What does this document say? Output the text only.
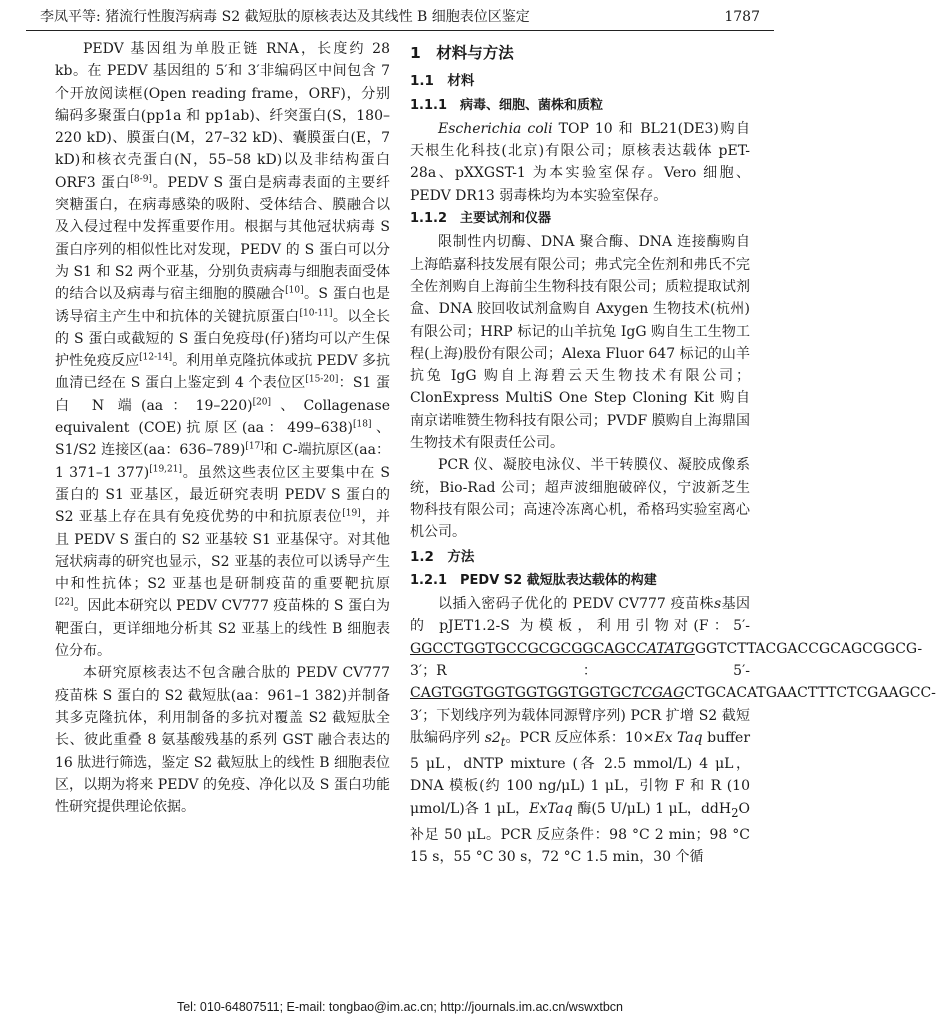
李凤平等: 猪流行性腹泻病毒 S2 截短肽的原核表达及其线性 B 细胞表位区鉴定	1787

PEDV 基因组为单股正链 RNA，长度约 28 kb。在 PEDV 基因组的 5′和 3′非编码区中间包含 7 个开放阅读框(Open reading frame，ORF)，分别编码多聚蛋白(pp1a 和 pp1ab)、纤突蛋白(S，180–220 kD)、膜蛋白(M，27–32 kD)、囊膜蛋白(E，7 kD)和核衣壳蛋白(N，55–58 kD)以及非结构蛋白 ORF3 蛋白[8-9]。PEDV S 蛋白是病毒表面的主要纤突糖蛋白，在病毒感染的吸附、受体结合、膜融合以及入侵过程中发挥重要作用。根据与其他冠状病毒 S 蛋白序列的相似性比对发现，PEDV 的 S 蛋白可以分为 S1 和 S2 两个亚基，分别负责病毒与细胞表面受体的结合以及病毒与宿主细胞的膜融合[10]。S 蛋白也是诱导宿主产生中和抗体的关键抗原蛋白[10-11]。以全长的 S 蛋白或截短的 S 蛋白免疫母(仔)猪均可以产生保护性免疫反应[12-14]。利用单克隆抗体或抗 PEDV 多抗血清已经在 S 蛋白上鉴定到 4 个表位区[15-20]：S1 蛋白 N 端(aa：19–220)[20]、Collagenase equivalent (COE)抗原区(aa：499–638)[18]、S1/S2 连接区(aa：636–789)[17]和 C-端抗原区(aa：1 371–1 377)[19,21]。虽然这些表位区主要集中在 S 蛋白的 S1 亚基区，最近研究表明 PEDV S 蛋白的 S2 亚基上存在具有免疫优势的中和抗原表位[19]，并且 PEDV S 蛋白的 S2 亚基较 S1 亚基保守。对其他冠状病毒的研究也显示，S2 亚基的表位可以诱导产生中和性抗体；S2 亚基也是研制疫苗的重要靶抗原[22]。因此本研究以 PEDV CV777 疫苗株的 S 蛋白为靶蛋白，更详细地分析其 S2 亚基上的线性 B 细胞表位分布。

本研究原核表达不包含融合肽的 PEDV CV777 疫苗株 S 蛋白的 S2 截短肽(aa：961–1 382)并制备其多克隆抗体，利用制备的多抗对覆盖 S2 截短肽全长、彼此重叠 8 氨基酸残基的系列 GST 融合表达的 16 肽进行筛选，鉴定 S2 截短肽上的线性 B 细胞表位区，以期为将来 PEDV 的免疫、净化以及 S 蛋白功能性研究提供理论依据。

1　材料与方法
1.1　材料
1.1.1　病毒、细胞、菌株和质粒

Escherichia coli TOP 10 和 BL21(DE3)购自天根生化科技(北京)有限公司；原核表达载体 pET-28a、pXXGST-1 为本实验室保存。Vero 细胞、PEDV DR13 弱毒株均为本实验室保存。

1.1.2　主要试剂和仪器

限制性内切酶、DNA 聚合酶、DNA 连接酶购自上海皓嘉科技发展有限公司；弗式完全佐剂和弗氏不完全佐剂购自上海前尘生物科技有限公司；质粒提取试剂盒、DNA 胶回收试剂盒购自 Axygen 生物技术(杭州)有限公司；HRP 标记的山羊抗兔 IgG 购自生工生物工程(上海)股份有限公司；Alexa Fluor 647 标记的山羊抗兔 IgG 购自上海碧云天生物技术有限公司；ClonExpress MultiS One Step Cloning Kit 购自南京诺唯赞生物科技有限公司；PVDF 膜购自上海鼎国生物技术有限责任公司。

PCR 仪、凝胶电泳仪、半干转膜仪、凝胶成像系统，Bio-Rad 公司；超声波细胞破碎仪，宁波新芝生物科技有限公司；高速冷冻离心机，希格玛实验室离心机公司。

1.2　方法
1.2.1　PEDV S2 截短肽表达载体的构建

以插入密码子优化的 PEDV CV777 疫苗株s基因的 pJET1.2-S 为模板，利用引物对(F：5′-GGCCTGGTGCCGCGCGGCAGCCATATGGGTCTTACGACCGCAGCGGCG-3′；R：5′-CAGTGGTGGTGGTGGTGGTGCTCGAGCTGCACATGAACTTTCTCGAAGCC-3′；下划线序列为载体同源臂序列) PCR 扩增 S2 截短肽编码序列 $s2_t$。PCR 反应体系：10×Ex Taq buffer 5 μL，dNTP mixture (各 2.5 mmol/L) 4 μL，DNA 模板(约 100 ng/μL) 1 μL，引物 F 和 R (10 μmol/L)各 1 μL，ExTaq 酶(5 U/μL) 1 μL，ddH$_2$O 补足 50 μL。PCR 反应条件：98 °C 2 min；98 °C 15 s，55 °C 30 s，72 °C 1.5 min，30 个循

Tel: 010-64807511; E-mail: tongbao@im.ac.cn; http://journals.im.ac.cn/wswxtbcn
